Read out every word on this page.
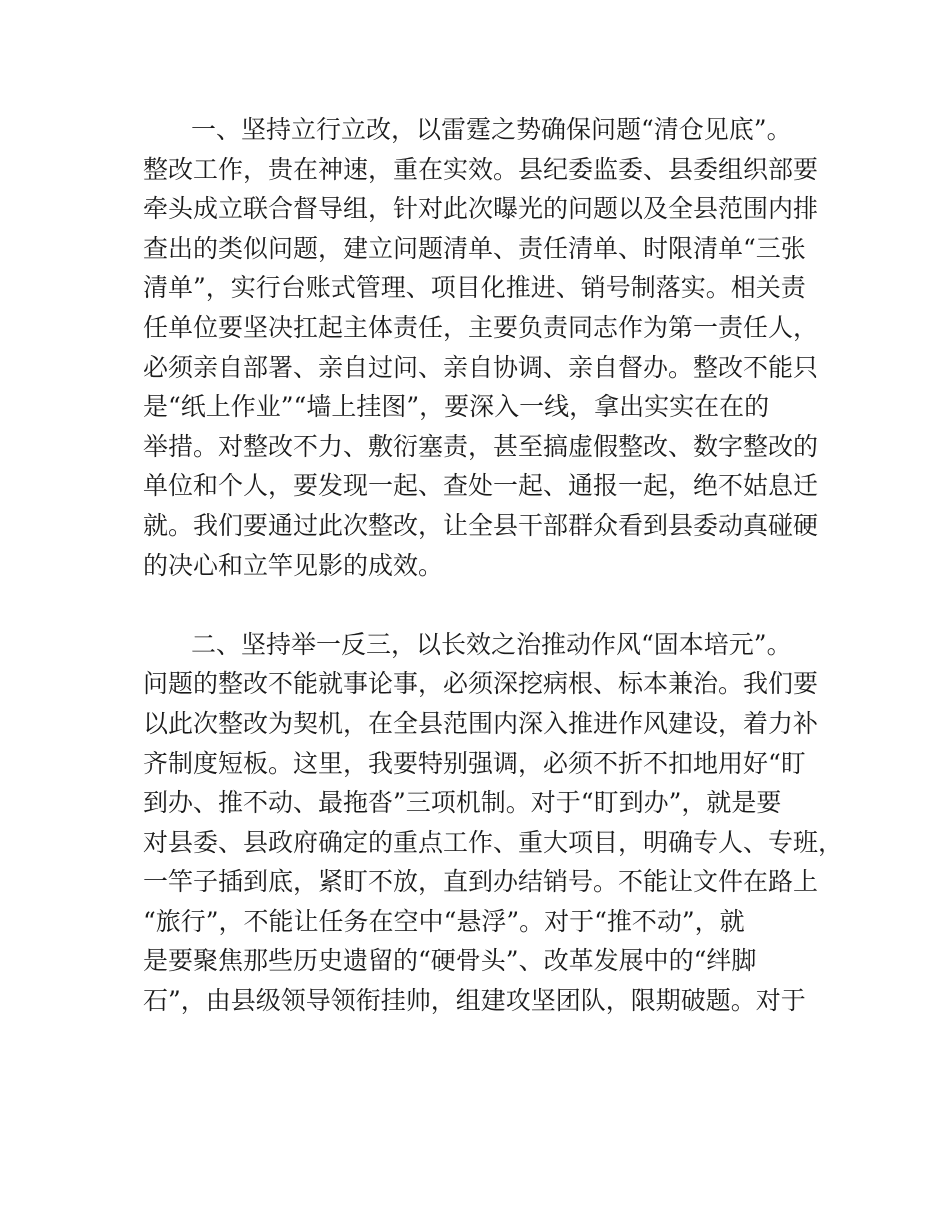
一、坚持立行立改，以雷霆之势确保问题“清仓见底”。
整改工作，贵在神速，重在实效。县纪委监委、县委组织部要
牵头成立联合督导组，针对此次曝光的问题以及全县范围内排
查出的类似问题，建立问题清单、责任清单、时限清单“三张
清单”，实行台账式管理、项目化推进、销号制落实。相关责
任单位要坚决扛起主体责任，主要负责同志作为第一责任人，
必须亲自部署、亲自过问、亲自协调、亲自督办。整改不能只
是“纸上作业”“墙上挂图”，要深入一线，拿出实实在在的
举措。对整改不力、敷衍塞责，甚至搞虚假整改、数字整改的
单位和个人，要发现一起、查处一起、通报一起，绝不姑息迁
就。我们要通过此次整改，让全县干部群众看到县委动真碰硬
的决心和立竿见影的成效。
二、坚持举一反三，以长效之治推动作风“固本培元”。
问题的整改不能就事论事，必须深挖病根、标本兼治。我们要
以此次整改为契机，在全县范围内深入推进作风建设，着力补
齐制度短板。这里，我要特别强调，必须不折不扣地用好“盯
到办、推不动、最拖沓”三项机制。对于“盯到办”，就是要
对县委、县政府确定的重点工作、重大项目，明确专人、专班，
一竿子插到底，紧盯不放，直到办结销号。不能让文件在路上
“旅行”，不能让任务在空中“悬浮”。对于“推不动”，就
是要聚焦那些历史遗留的“硬骨头”、改革发展中的“绊脚
石”，由县级领导领衔挂帅，组建攻坚团队，限期破题。对于
